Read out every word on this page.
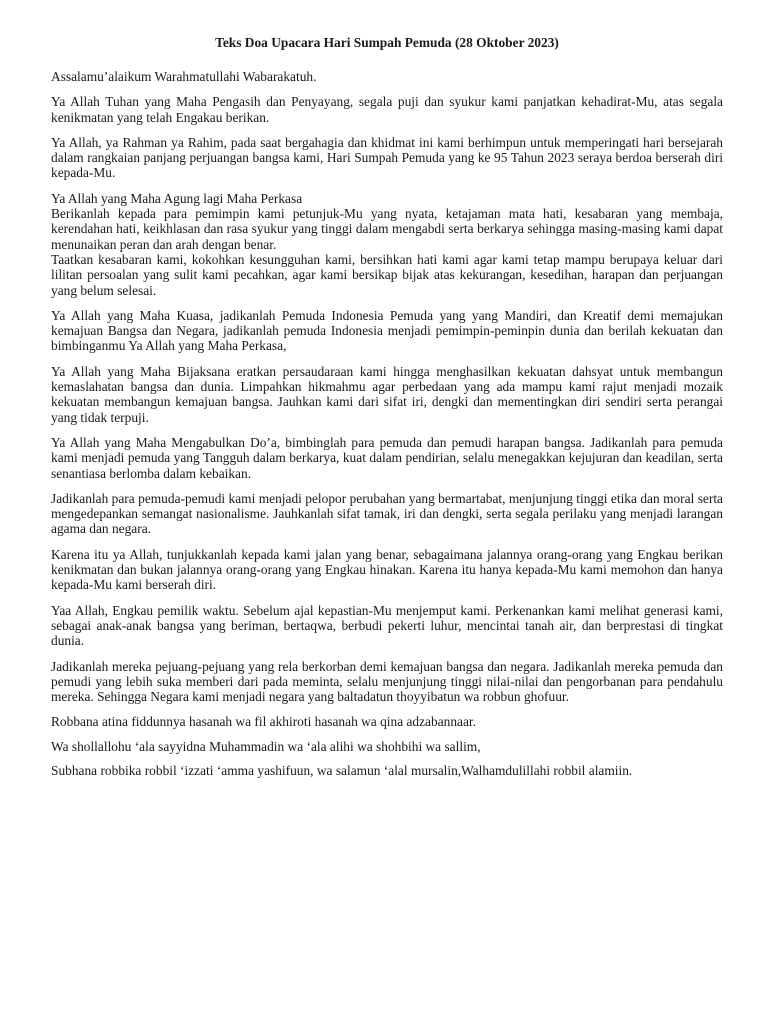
Teks Doa Upacara Hari Sumpah Pemuda (28 Oktober 2023)

Assalamu’alaikum Warahmatullahi Wabarakatuh.

Ya Allah Tuhan yang Maha Pengasih dan Penyayang, segala puji dan syukur kami panjatkan kehadirat-Mu, atas segala kenikmatan yang telah Engakau berikan.

Ya Allah, ya Rahman ya Rahim, pada saat bergahagia dan khidmat ini kami berhimpun untuk memperingati hari bersejarah dalam rangkaian panjang perjuangan bangsa kami, Hari Sumpah Pemuda yang ke 95 Tahun 2023 seraya berdoa berserah diri kepada-Mu.

Ya Allah yang Maha Agung lagi Maha Perkasa
Berikanlah kepada para pemimpin kami petunjuk-Mu yang nyata, ketajaman mata hati, kesabaran yang membaja, kerendahan hati, keikhlasan dan rasa syukur yang tinggi dalam mengabdi serta berkarya sehingga masing-masing kami dapat menunaikan peran dan arah dengan benar.
Taatkan kesabaran kami, kokohkan kesungguhan kami, bersihkan hati kami agar kami tetap mampu berupaya keluar dari lilitan persoalan yang sulit kami pecahkan, agar kami bersikap bijak atas kekurangan, kesedihan, harapan dan perjuangan yang belum selesai.

Ya Allah yang Maha Kuasa, jadikanlah Pemuda Indonesia Pemuda yang yang Mandiri, dan Kreatif demi memajukan kemajuan Bangsa dan Negara, jadikanlah pemuda Indonesia menjadi pemimpin-peminpin dunia dan berilah kekuatan dan bimbinganmu Ya Allah yang Maha Perkasa,

Ya Allah yang Maha Bijaksana eratkan persaudaraan kami hingga menghasilkan kekuatan dahsyat untuk membangun kemaslahatan bangsa dan dunia. Limpahkan hikmahmu agar perbedaan yang ada mampu kami rajut menjadi mozaik kekuatan membangun kemajuan bangsa. Jauhkan kami dari sifat iri, dengki dan mementingkan diri sendiri serta perangai yang tidak terpuji.

Ya Allah yang Maha Mengabulkan Do’a, bimbinglah para pemuda dan pemudi harapan bangsa. Jadikanlah para pemuda kami menjadi pemuda yang Tangguh dalam berkarya, kuat dalam pendirian, selalu menegakkan kejujuran dan keadilan, serta senantiasa berlomba dalam kebaikan.

Jadikanlah para pemuda-pemudi kami menjadi pelopor perubahan yang bermartabat, menjunjung tinggi etika dan moral serta mengedepankan semangat nasionalisme. Jauhkanlah sifat tamak, iri dan dengki, serta segala perilaku yang menjadi larangan agama dan negara.

Karena itu ya Allah, tunjukkanlah kepada kami jalan yang benar, sebagaimana jalannya orang-orang yang Engkau berikan kenikmatan dan bukan jalannya orang-orang yang Engkau hinakan. Karena itu hanya kepada-Mu kami memohon dan hanya kepada-Mu kami berserah diri.

Yaa Allah, Engkau pemilik waktu. Sebelum ajal kepastian-Mu menjemput kami. Perkenankan kami melihat generasi kami, sebagai anak-anak bangsa yang beriman, bertaqwa, berbudi pekerti luhur, mencintai tanah air, dan berprestasi di tingkat dunia.

Jadikanlah mereka pejuang-pejuang yang rela berkorban demi kemajuan bangsa dan negara. Jadikanlah mereka pemuda dan pemudi yang lebih suka memberi dari pada meminta, selalu menjunjung tinggi nilai-nilai dan pengorbanan para pendahulu mereka. Sehingga Negara kami menjadi negara yang baltadatun thoyyibatun wa robbun ghofuur.

Robbana atina fiddunnya hasanah wa fil akhiroti hasanah wa qina adzabannaar.

Wa shollallohu ‘ala sayyidna Muhammadin wa ‘ala alihi wa shohbihi wa sallim,

Subhana robbika robbil ‘izzati ‘amma yashifuun, wa salamun ‘alal mursalin,Walhamdulillahi robbil alamiin.
